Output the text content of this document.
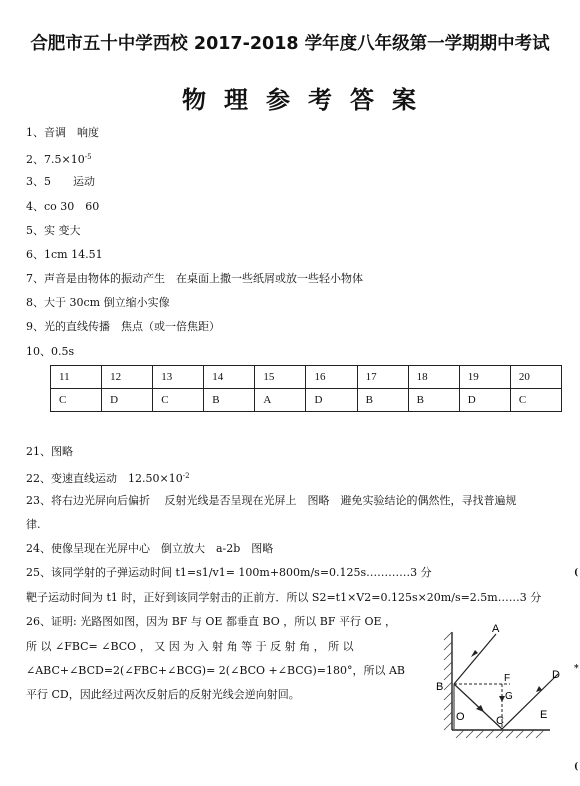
合肥市五十中学西校 2017-2018 学年度八年级第一学期期中考试
物理参考答案
1、音调　响度
2、$7.5\times 10^{-5}$
3、5　　运动
4、co 30　60
5、实 变大
6、1cm 14.51
7、声音是由物体的振动产生　在桌面上撒一些纸屑或放一些轻小物体
8、大于 30cm 倒立缩小实像
9、光的直线传播　焦点（或一倍焦距）
10、0.5s
11	12	13	14	15	16	17	18	19	20
C	D	C	B	A	D	B	B	D	C
21、图略
22、变速直线运动　$12.50\times 10^{-2}$
23、将右边光屏向后偏折　 反射光线是否呈现在光屏上　图略　避免实验结论的偶然性，寻找普遍规
律.
24、使像呈现在光屏中心　倒立放大　a-2b　图略
25、该同学射的子弹运动时间 t1=s1/v1= 100m+800m/s=0.125s…………3 分
靶子运动时间为 t1 时，正好到该同学射击的正前方．所以 S2=t1×V2=0.125s×20m/s=2.5m……3 分
26、证明: 光路图如图，因为 BF 与 OE 都垂直 BO ，所以 BF 平行 OE ，
所 以 ∠FBC= ∠BCO ， 又 因 为 入 射 角 等 于 反 射 角 ， 所 以
∠ABC+∠BCD=2(∠FBC+∠BCG)= 2(∠BCO +∠BCG)=180°，所以 AB
平行 CD，因此经过两次反射后的反射光线会逆向射回。
A
B
C
D
E
F
G
O
(
*
(
